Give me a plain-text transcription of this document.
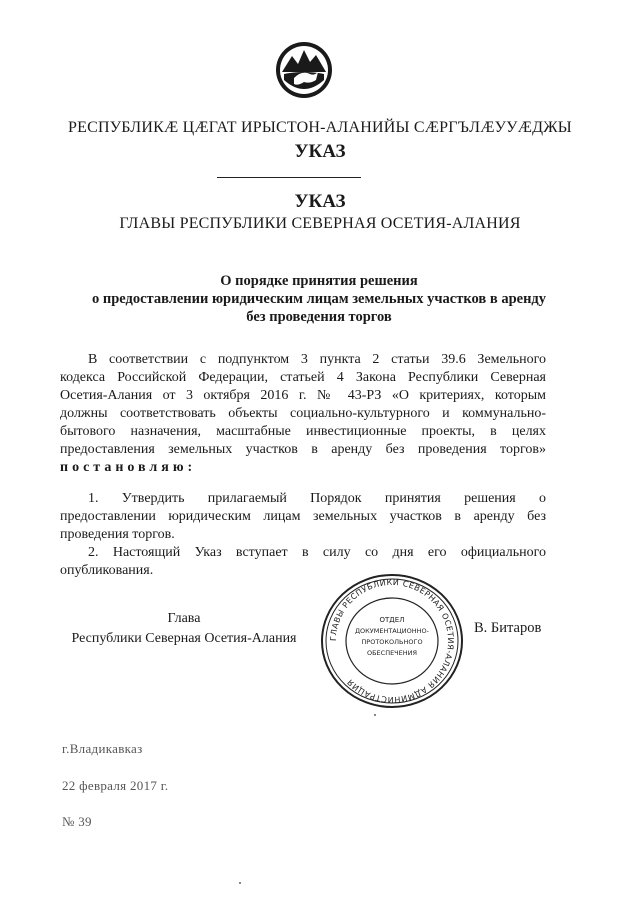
РЕСПУБЛИКӔ ЦӔГАТ ИРЫСТОН-АЛАНИЙЫ СӔРГЪЛӔУУӔДЖЫ
УКАЗ
УКАЗ
ГЛАВЫ РЕСПУБЛИКИ СЕВЕРНАЯ ОСЕТИЯ-АЛАНИЯ
О порядке принятия решения
о предоставлении юридическим лицам земельных участков в аренду
без проведения торгов
В соответствии с подпунктом 3 пункта 2 статьи 39.6 Земельного
кодекса Российской Федерации, статьей 4 Закона Республики Северная
Осетия-Алания от 3 октября 2016 г. № 43-РЗ «О критериях, которым
должны соответствовать объекты социально-культурного и коммунально-
бытового назначения, масштабные инвестиционные проекты, в целях
предоставления земельных участков в аренду без проведения торгов»
постановляю:
1. Утвердить прилагаемый Порядок принятия решения о
предоставлении юридическим лицам земельных участков в аренду без
проведения торгов.
2. Настоящий Указ вступает в силу со дня его официального
опубликования.
Глава
Республики Северная Осетия-Алания	ГЛАВЫ РЕСПУБЛИКИ СЕВЕРНАЯ ОСЕТИЯ-АЛАНИЯ АДМИНИСТРАЦИЯ
ОТДЕЛ
ДОКУМЕНТАЦИОННО-
ПРОТОКОЛЬНОГО
ОБЕСПЕЧЕНИЯ
В. Битаров
г.Владикавказ
22 февраля 2017 г.
№ 39
